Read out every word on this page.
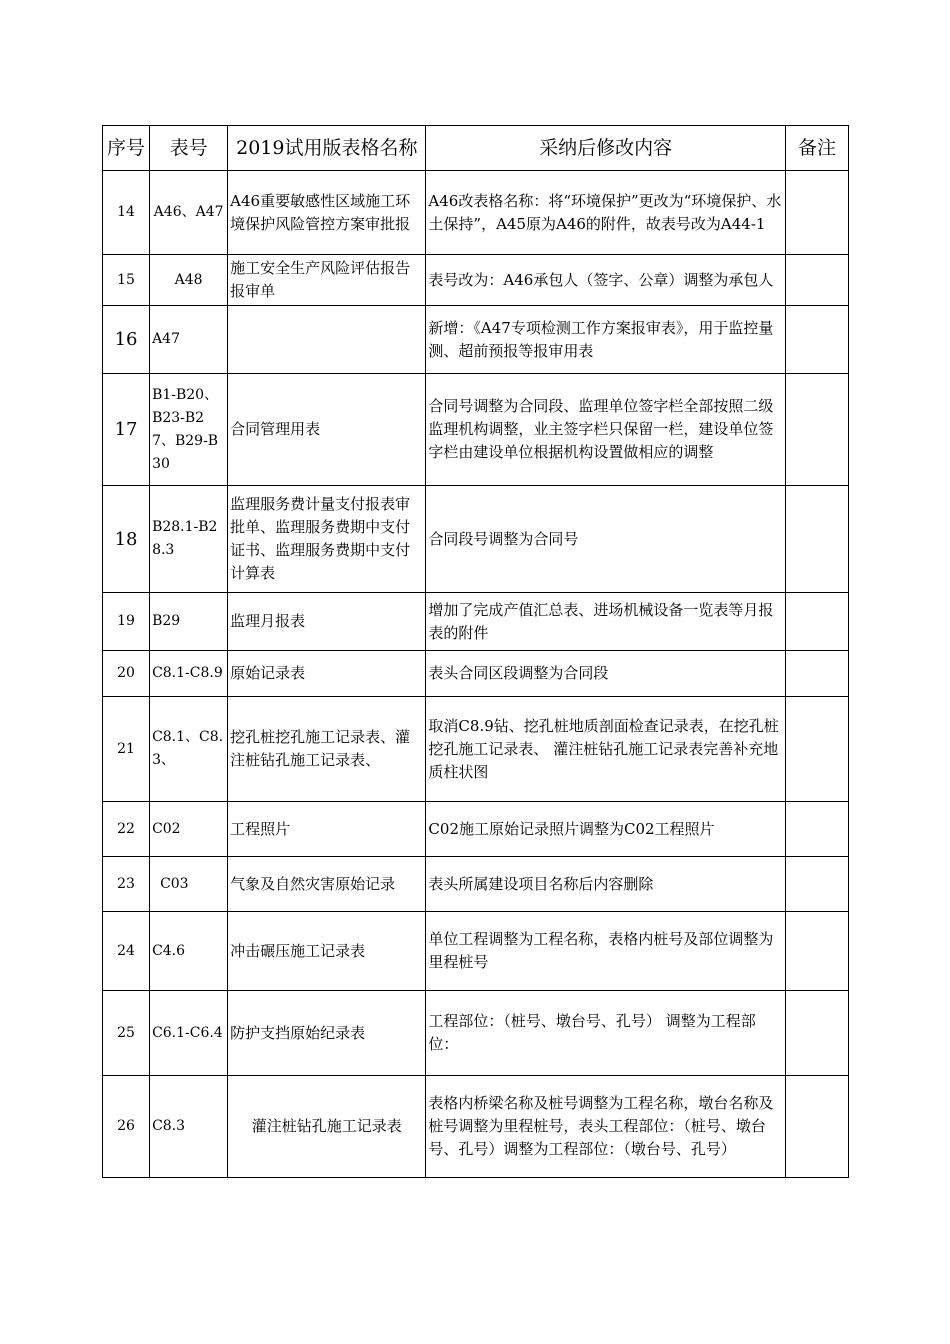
序号	表号	2019试用版表格名称	采纳后修改内容	备注
14	A46、A47	A46重要敏感性区域施工环境保护风险管控方案审批报	A46改表格名称：将“环境保护”更改为“环境保护、水土保持”，A45原为A46的附件，故表号改为A44-1	
15	A48	施工安全生产风险评估报告报审单	表号改为：A46承包人（签字、公章）调整为承包人	
16	A47		新增：《A47专项检测工作方案报审表》，用于监控量测、超前预报等报审用表	
17	B1-B20、B23-B27、B29-B30	合同管理用表	合同号调整为合同段、监理单位签字栏全部按照二级监理机构调整，业主签字栏只保留一栏，建设单位签字栏由建设单位根据机构设置做相应的调整	
18	B28.1-B28.3	监理服务费计量支付报表审批单、监理服务费期中支付证书、监理服务费期中支付计算表	合同段号调整为合同号	
19	B29	监理月报表	增加了完成产值汇总表、进场机械设备一览表等月报表的附件	
20	C8.1-C8.9	原始记录表	表头合同区段调整为合同段	
21	C8.1、C8.3、	挖孔桩挖孔施工记录表、灌注桩钻孔施工记录表、	取消C8.9钻、挖孔桩地质剖面检查记录表，在挖孔桩挖孔施工记录表、 灌注桩钻孔施工记录表完善补充地质柱状图	
22	C02	工程照片	C02施工原始记录照片调整为C02工程照片	
23	C03	气象及自然灾害原始记录	表头所属建设项目名称后内容删除	
24	C4.6	冲击碾压施工记录表	单位工程调整为工程名称，表格内桩号及部位调整为里程桩号	
25	C6.1-C6.4	防护支挡原始纪录表	工程部位：（桩号、墩台号、孔号） 调整为工程部位：	
26	C8.3	灌注桩钻孔施工记录表	表格内桥梁名称及桩号调整为工程名称，墩台名称及桩号调整为里程桩号，表头工程部位：（桩号、墩台号、孔号）调整为工程部位：（墩台号、孔号）	
